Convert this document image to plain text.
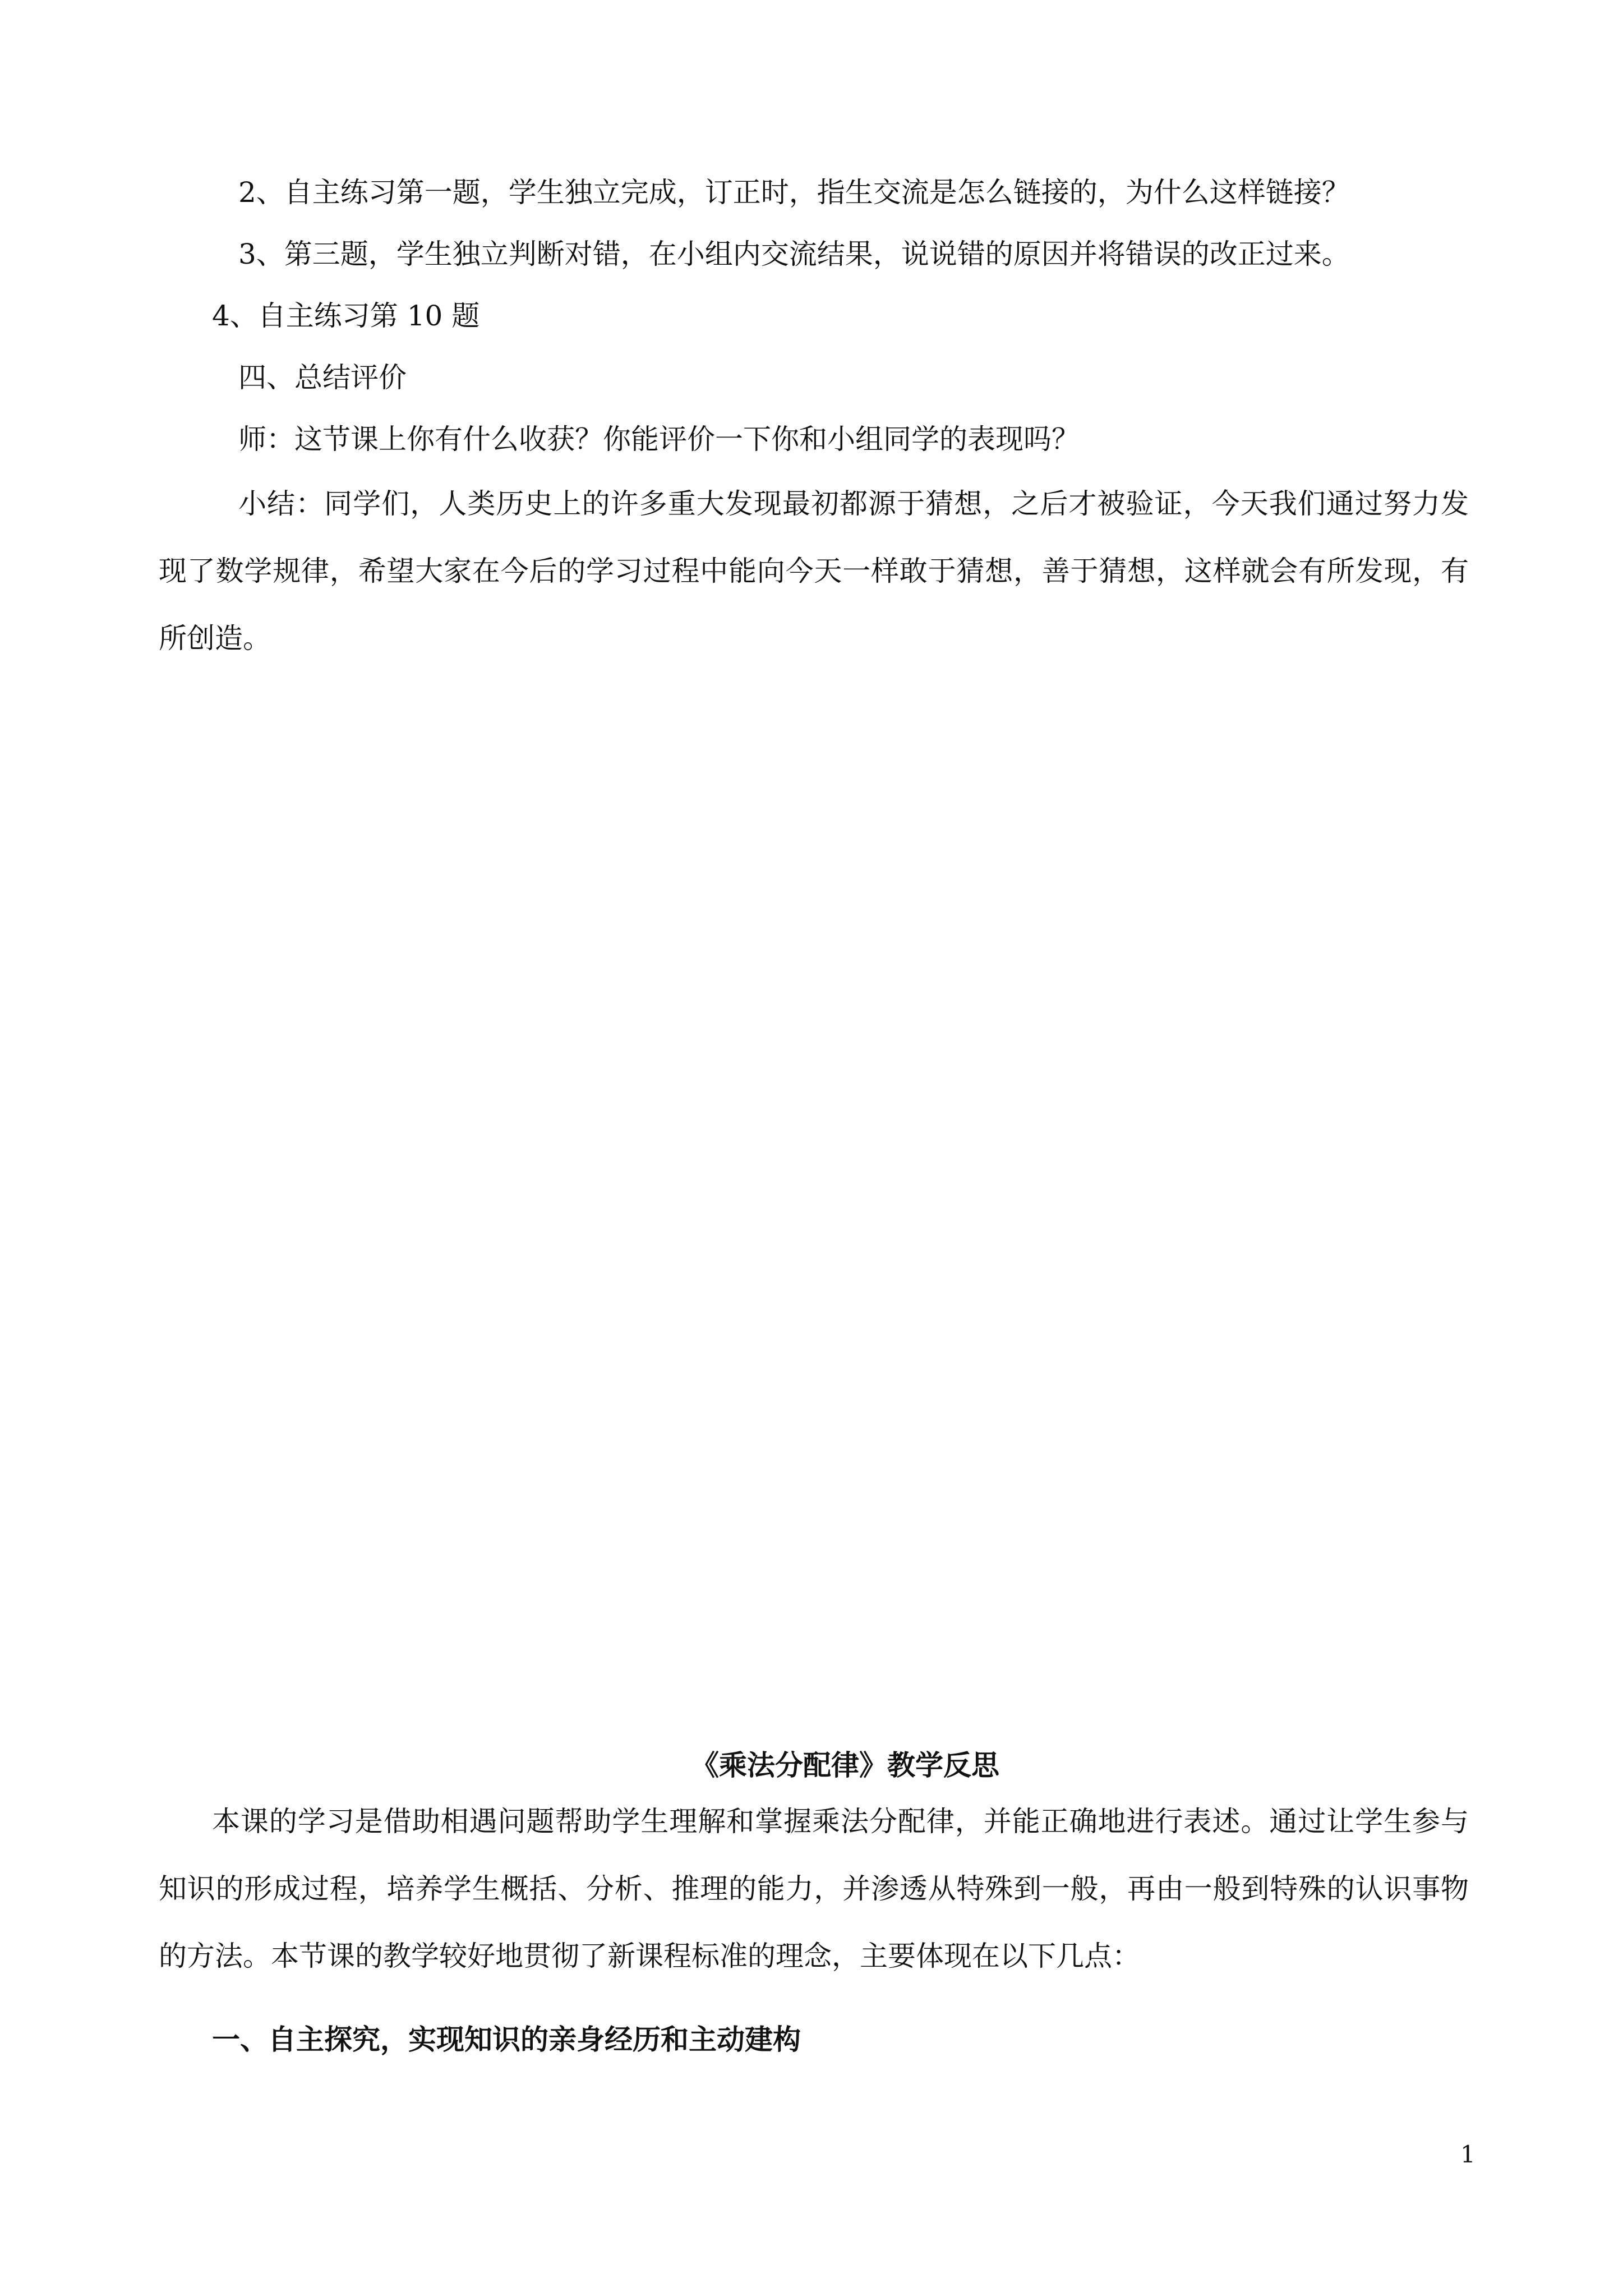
2、自主练习第一题，学生独立完成，订正时，指生交流是怎么链接的，为什么这样链接？
3、第三题，学生独立判断对错，在小组内交流结果，说说错的原因并将错误的改正过来。
4、自主练习第 10 题
四、总结评价
师：这节课上你有什么收获？你能评价一下你和小组同学的表现吗？
小结：同学们，人类历史上的许多重大发现最初都源于猜想，之后才被验证，今天我们通过努力发现了数学规律，希望大家在今后的学习过程中能向今天一样敢于猜想，善于猜想，这样就会有所发现，有所创造。
《乘法分配律》教学反思
本课的学习是借助相遇问题帮助学生理解和掌握乘法分配律，并能正确地进行表述。通过让学生参与知识的形成过程，培养学生概括、分析、推理的能力，并渗透从特殊到一般，再由一般到特殊的认识事物的方法。本节课的教学较好地贯彻了新课程标准的理念，主要体现在以下几点：
一、自主探究，实现知识的亲身经历和主动建构
1
